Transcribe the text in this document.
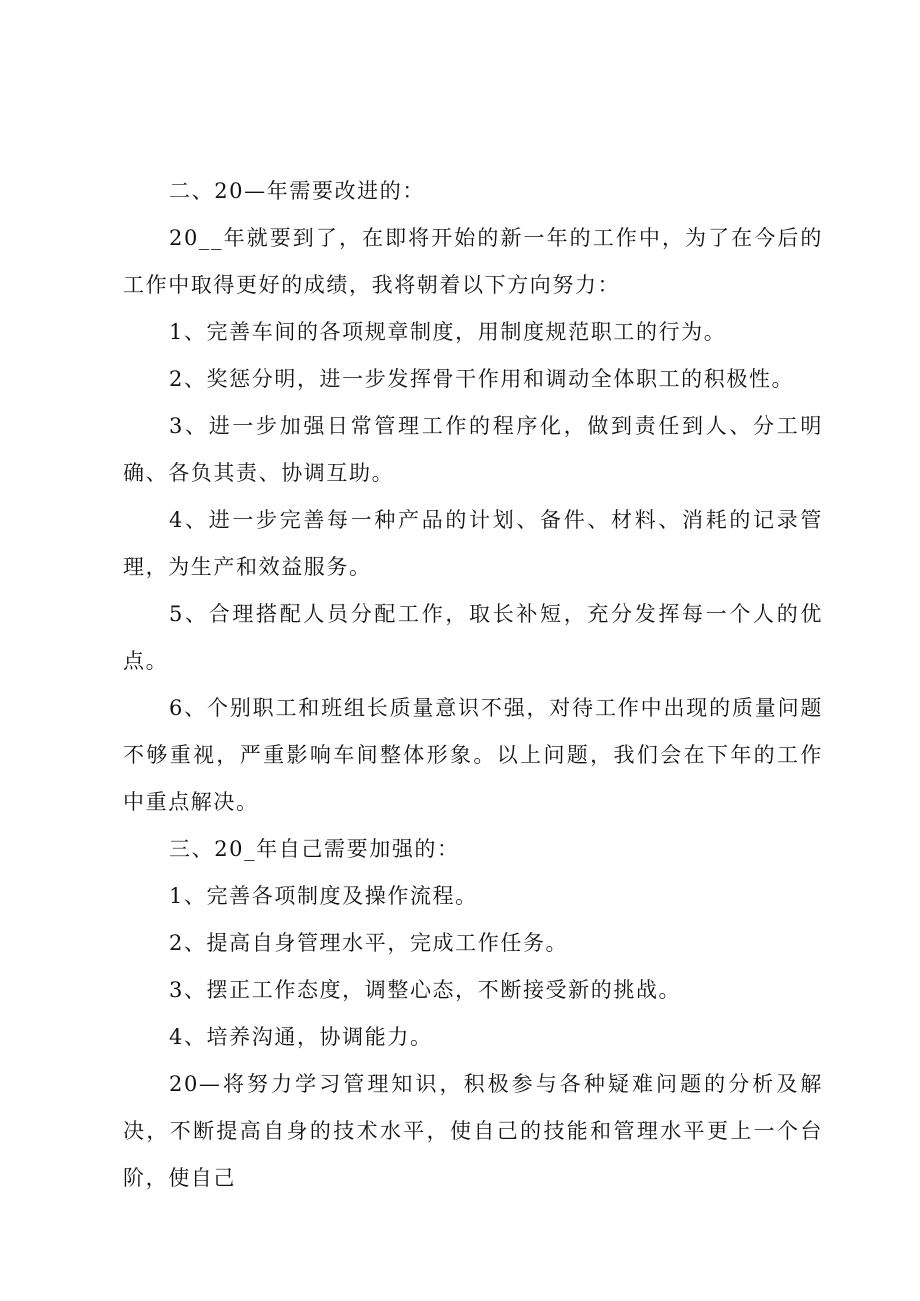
二、20—年需要改进的：

20__年就要到了，在即将开始的新一年的工作中，为了在今后的工作中取得更好的成绩，我将朝着以下方向努力：

1、完善车间的各项规章制度，用制度规范职工的行为。

2、奖惩分明，进一步发挥骨干作用和调动全体职工的积极性。

3、进一步加强日常管理工作的程序化，做到责任到人、分工明确、各负其责、协调互助。

4、进一步完善每一种产品的计划、备件、材料、消耗的记录管理，为生产和效益服务。

5、合理搭配人员分配工作，取长补短，充分发挥每一个人的优点。

6、个别职工和班组长质量意识不强，对待工作中出现的质量问题不够重视，严重影响车间整体形象。以上问题，我们会在下年的工作中重点解决。

三、20_年自己需要加强的：

1、完善各项制度及操作流程。

2、提高自身管理水平，完成工作任务。

3、摆正工作态度，调整心态，不断接受新的挑战。

4、培养沟通，协调能力。

20—将努力学习管理知识，积极参与各种疑难问题的分析及解决，不断提高自身的技术水平，使自己的技能和管理水平更上一个台阶，使自己
